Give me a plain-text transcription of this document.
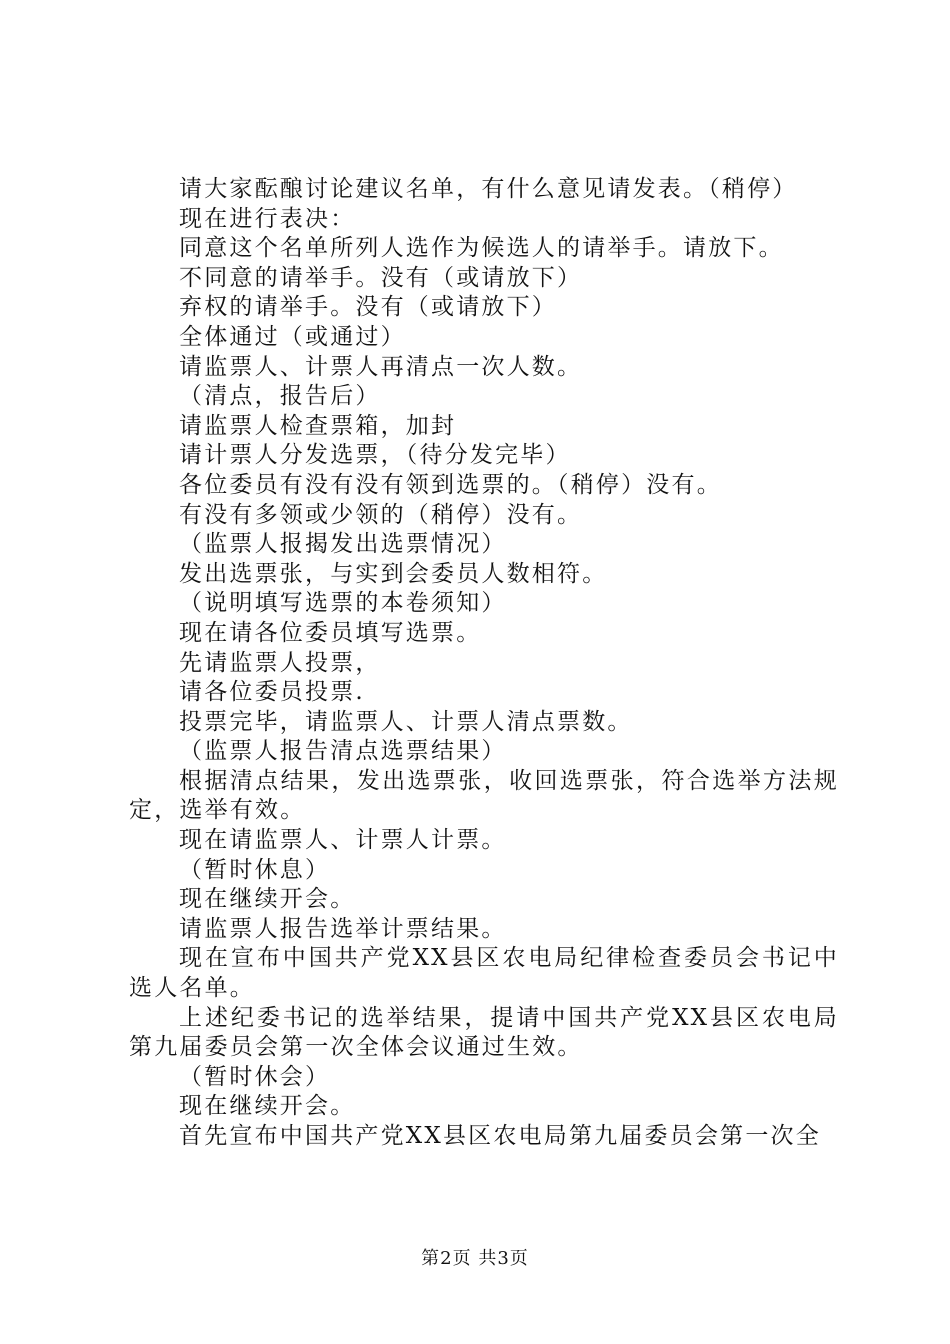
请大家酝酿讨论建议名单，有什么意见请发表。（稍停）

现在进行表决：

同意这个名单所列人选作为候选人的请举手。请放下。

不同意的请举手。没有（或请放下）

弃权的请举手。没有（或请放下）

全体通过（或通过）

请监票人、计票人再清点一次人数。

（清点，报告后）

请监票人检查票箱，加封

请计票人分发选票，（待分发完毕）

各位委员有没有没有领到选票的。（稍停）没有。

有没有多领或少领的（稍停）没有。

（监票人报揭发出选票情况）

发出选票张，与实到会委员人数相符。

（说明填写选票的本卷须知）

现在请各位委员填写选票。

先请监票人投票，

请各位委员投票.

投票完毕，请监票人、计票人清点票数。

（监票人报告清点选票结果）

根据清点结果，发出选票张，收回选票张，符合选举方法规定，选举有效。

现在请监票人、计票人计票。

（暂时休息）

现在继续开会。

请监票人报告选举计票结果。

现在宣布中国共产党XX县区农电局纪律检查委员会书记中选人名单。

上述纪委书记的选举结果，提请中国共产党XX县区农电局第九届委员会第一次全体会议通过生效。

（暂时休会）

现在继续开会。

首先宣布中国共产党XX县区农电局第九届委员会第一次全

第2页 共3页
